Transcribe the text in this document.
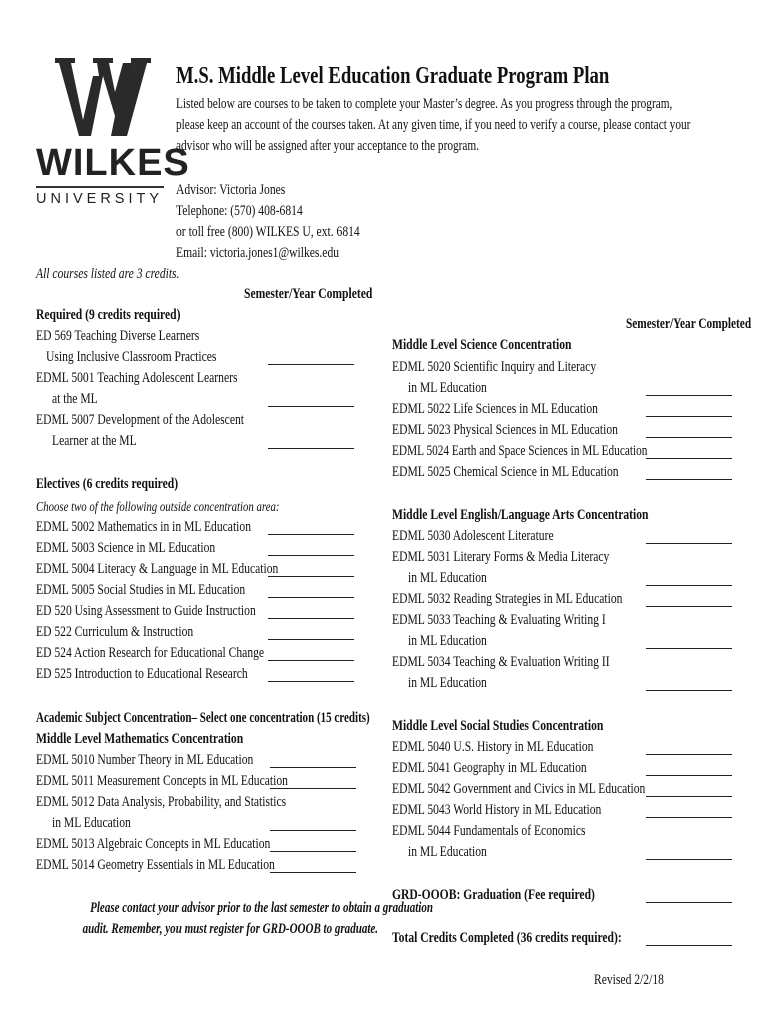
WILKES
UNIVERSITY
M.S. Middle Level Education Graduate Program Plan
Listed below are courses to be taken to complete your Master’s degree. As you progress through the program,
please keep an account of the courses taken. At any given time, if you need to verify a course, please contact your
advisor who will be assigned after your acceptance to the program.
Advisor: Victoria Jones
Telephone: (570) 408-6814
or toll free (800) WILKES U, ext. 6814
Email: victoria.jones1@wilkes.edu
All courses listed are 3 credits.
Semester/Year Completed
Required (9 credits required)
ED 569 Teaching Diverse Learners
Using Inclusive Classroom Practices
EDML 5001 Teaching Adolescent Learners
at the ML
EDML 5007 Development of the Adolescent
Learner at the ML
Electives (6 credits required)
Choose two of the following outside concentration area:
EDML 5002 Mathematics in in ML Education
EDML 5003 Science in ML Education
EDML 5004 Literacy & Language in ML Education
EDML 5005 Social Studies in ML Education
ED 520 Using Assessment to Guide Instruction
ED 522 Curriculum & Instruction
ED 524 Action Research for Educational Change
ED 525 Introduction to Educational Research
Academic Subject Concentration– Select one concentration (15 credits)
Middle Level Mathematics Concentration
EDML 5010 Number Theory in ML Education
EDML 5011 Measurement Concepts in ML Education
EDML 5012 Data Analysis, Probability, and Statistics
in ML Education
EDML 5013 Algebraic Concepts in ML Education
EDML 5014 Geometry Essentials in ML Education
Please contact your advisor prior to the last semester to obtain a graduation
audit. Remember, you must register for GRD-OOOB to graduate.
Semester/Year Completed
Middle Level Science Concentration
EDML 5020 Scientific Inquiry and Literacy
in ML Education
EDML 5022 Life Sciences in ML Education
EDML 5023 Physical Sciences in ML Education
EDML 5024 Earth and Space Sciences in ML Education
EDML 5025 Chemical Science in ML Education
Middle Level English/Language Arts Concentration
EDML 5030 Adolescent Literature
EDML 5031 Literary Forms & Media Literacy
in ML Education
EDML 5032 Reading Strategies in ML Education
EDML 5033 Teaching & Evaluating Writing I
in ML Education
EDML 5034 Teaching & Evaluation Writing II
in ML Education
Middle Level Social Studies Concentration
EDML 5040 U.S. History in ML Education
EDML 5041 Geography in ML Education
EDML 5042 Government and Civics in ML Education
EDML 5043 World History in ML Education
EDML 5044 Fundamentals of Economics
in ML Education
GRD-OOOB: Graduation (Fee required)
Total Credits Completed (36 credits required):
Revised 2/2/18
